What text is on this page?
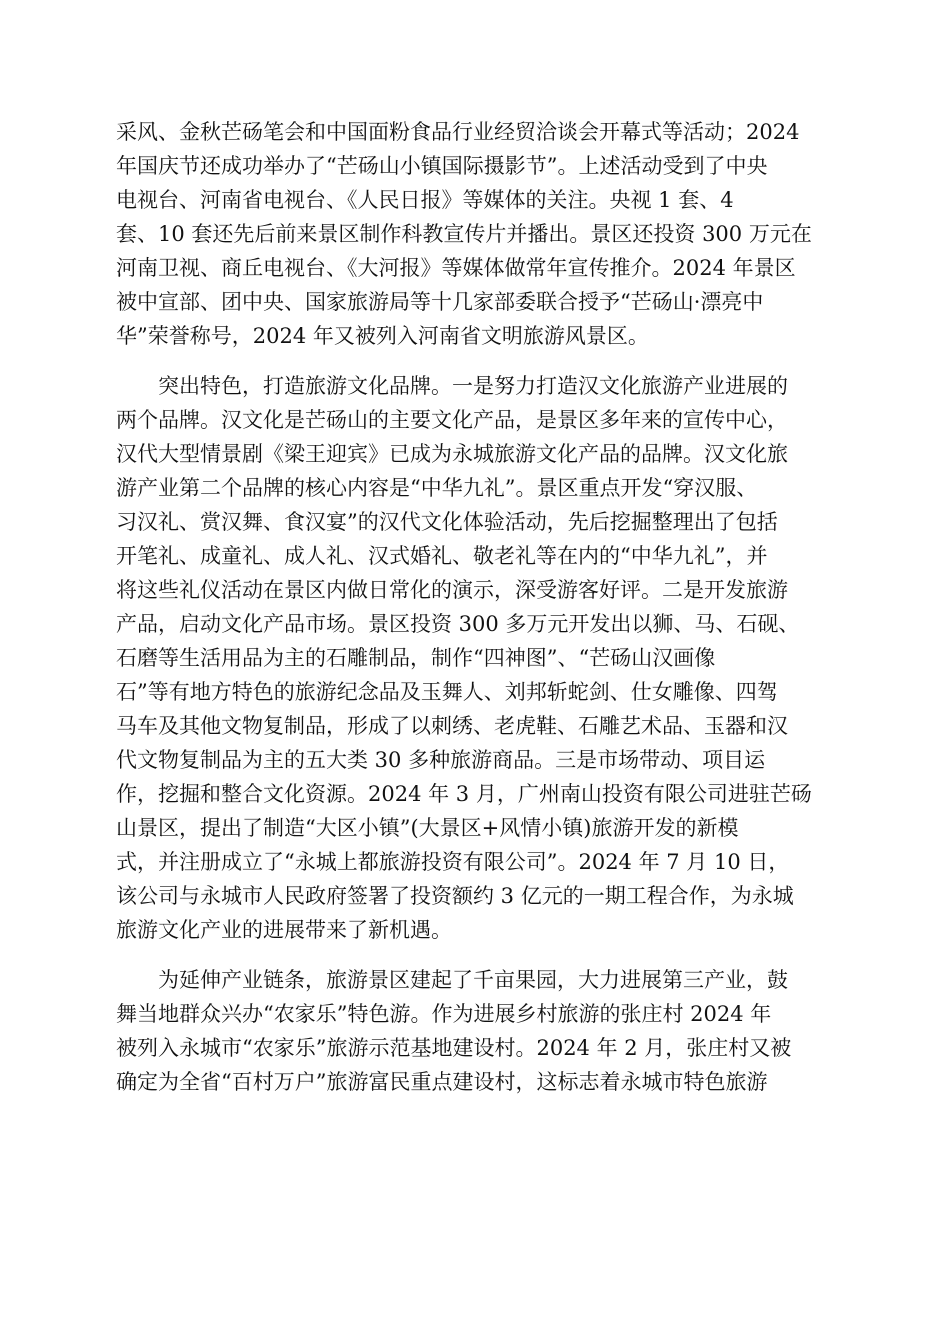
采风、金秋芒砀笔会和中国面粉食品行业经贸洽谈会开幕式等活动；2024
年国庆节还成功举办了“芒砀山小镇国际摄影节”。上述活动受到了中央
电视台、河南省电视台、《人民日报》等媒体的关注。央视 1 套、4
套、10 套还先后前来景区制作科教宣传片并播出。景区还投资 300 万元在
河南卫视、商丘电视台、《大河报》等媒体做常年宣传推介。2024 年景区
被中宣部、团中央、国家旅游局等十几家部委联合授予“芒砀山·漂亮中
华”荣誉称号，2024 年又被列入河南省文明旅游风景区。
突出特色，打造旅游文化品牌。一是努力打造汉文化旅游产业进展的
两个品牌。汉文化是芒砀山的主要文化产品，是景区多年来的宣传中心，
汉代大型情景剧《梁王迎宾》已成为永城旅游文化产品的品牌。汉文化旅
游产业第二个品牌的核心内容是“中华九礼”。景区重点开发“穿汉服、
习汉礼、赏汉舞、食汉宴”的汉代文化体验活动，先后挖掘整理出了包括
开笔礼、成童礼、成人礼、汉式婚礼、敬老礼等在内的“中华九礼”，并
将这些礼仪活动在景区内做日常化的演示，深受游客好评。二是开发旅游
产品，启动文化产品市场。景区投资 300 多万元开发出以狮、马、石砚、
石磨等生活用品为主的石雕制品，制作“四神图”、“芒砀山汉画像
石”等有地方特色的旅游纪念品及玉舞人、刘邦斩蛇剑、仕女雕像、四驾
马车及其他文物复制品，形成了以刺绣、老虎鞋、石雕艺术品、玉器和汉
代文物复制品为主的五大类 30 多种旅游商品。三是市场带动、项目运
作，挖掘和整合文化资源。2024 年 3 月，广州南山投资有限公司进驻芒砀
山景区，提出了制造“大区小镇”(大景区+风情小镇)旅游开发的新模
式，并注册成立了“永城上都旅游投资有限公司”。2024 年 7 月 10 日，
该公司与永城市人民政府签署了投资额约 3 亿元的一期工程合作，为永城
旅游文化产业的进展带来了新机遇。
为延伸产业链条，旅游景区建起了千亩果园，大力进展第三产业，鼓
舞当地群众兴办“农家乐”特色游。作为进展乡村旅游的张庄村 2024 年
被列入永城市“农家乐”旅游示范基地建设村。2024 年 2 月，张庄村又被
确定为全省“百村万户”旅游富民重点建设村，这标志着永城市特色旅游
